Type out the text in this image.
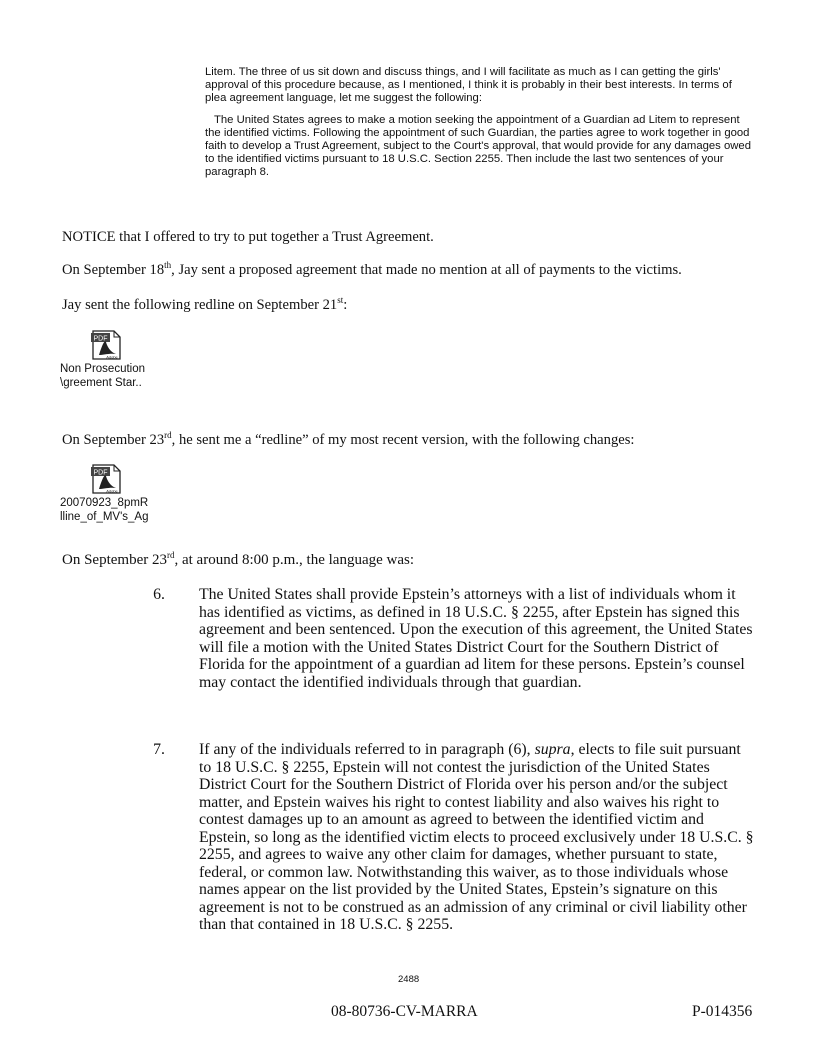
Litem. The three of us sit down and discuss things, and I will facilitate as much as I can getting the girls' approval of this procedure because, as I mentioned, I think it is probably in their best interests. In terms of plea agreement language, let me suggest the following:
The United States agrees to make a motion seeking the appointment of a Guardian ad Litem to represent the identified victims. Following the appointment of such Guardian, the parties agree to work together in good faith to develop a Trust Agreement, subject to the Court's approval, that would provide for any damages owed to the identified victims pursuant to 18 U.S.C. Section 2255. Then include the last two sentences of your paragraph 8.
NOTICE that I offered to try to put together a Trust Agreement.
On September 18th, Jay sent a proposed agreement that made no mention at all of payments to the victims.
Jay sent the following redline on September 21st:
PDF
Adobe
Non Prosecution
\greement Star..
On September 23rd, he sent me a “redline” of my most recent version, with the following changes:
PDF
Adobe
20070923_8pmR
lline_of_MV's_Ag
On September 23rd, at around 8:00 p.m., the language was:
6. The United States shall provide Epstein’s attorneys with a list of individuals whom it has identified as victims, as defined in 18 U.S.C. § 2255, after Epstein has signed this agreement and been sentenced. Upon the execution of this agreement, the United States will file a motion with the United States District Court for the Southern District of Florida for the appointment of a guardian ad litem for these persons. Epstein’s counsel may contact the identified individuals through that guardian.
7. If any of the individuals referred to in paragraph (6), supra, elects to file suit pursuant to 18 U.S.C. § 2255, Epstein will not contest the jurisdiction of the United States District Court for the Southern District of Florida over his person and/or the subject matter, and Epstein waives his right to contest liability and also waives his right to contest damages up to an amount as agreed to between the identified victim and Epstein, so long as the identified victim elects to proceed exclusively under 18 U.S.C. § 2255, and agrees to waive any other claim for damages, whether pursuant to state, federal, or common law. Notwithstanding this waiver, as to those individuals whose names appear on the list provided by the United States, Epstein’s signature on this agreement is not to be construed as an admission of any criminal or civil liability other than that contained in 18 U.S.C. § 2255.
2488
08-80736-CV-MARRA	P-014356
